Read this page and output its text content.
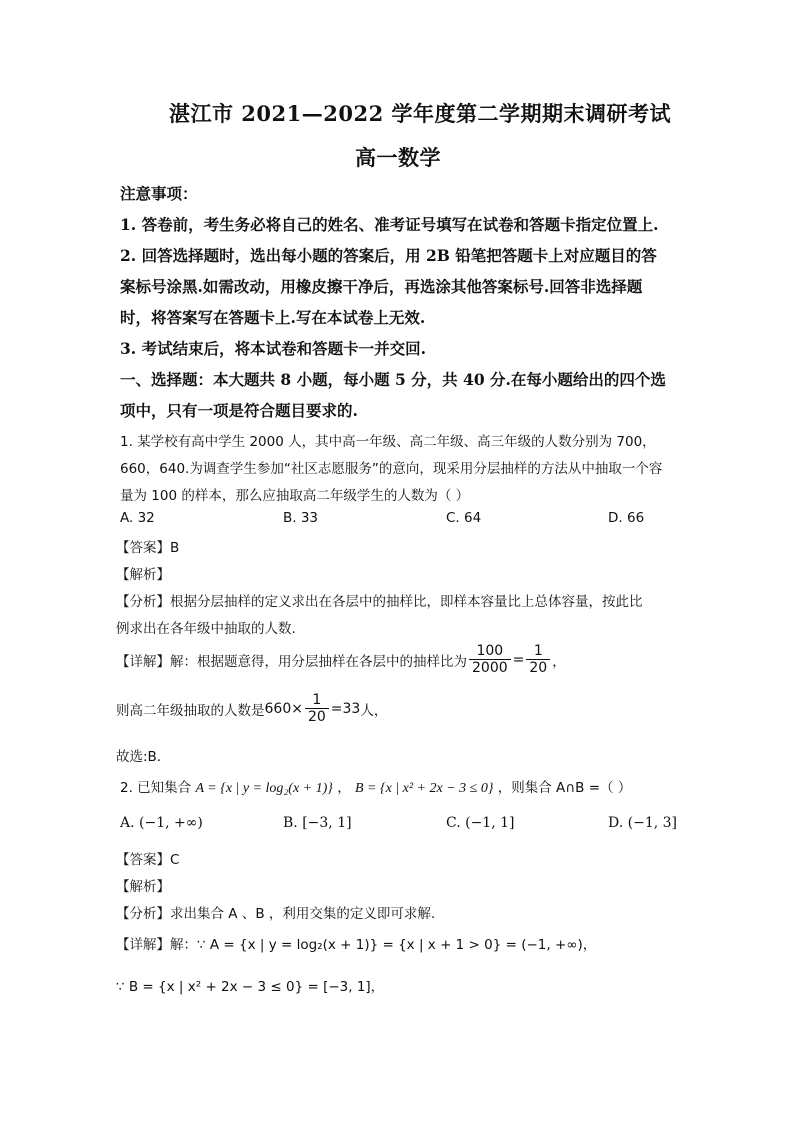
湛江市 2021—2022 学年度第二学期期末调研考试
高一数学
注意事项：
1. 答卷前，考生务必将自己的姓名、准考证号填写在试卷和答题卡指定位置上.
2. 回答选择题时，选出每小题的答案后，用 2B 铅笔把答题卡上对应题目的答
案标号涂黑.如需改动，用橡皮擦干净后，再选涂其他答案标号.回答非选择题
时，将答案写在答题卡上.写在本试卷上无效.
3. 考试结束后，将本试卷和答题卡一并交回.
一、选择题：本大题共 8 小题，每小题 5 分，共 40 分.在每小题给出的四个选
项中，只有一项是符合题目要求的.
1. 某学校有高中学生 2000 人，其中高一年级、高二年级、高三年级的人数分别为 700，
660，640.为调查学生参加“社区志愿服务”的意向，现采用分层抽样的方法从中抽取一个容
量为 100 的样本，那么应抽取高二年级学生的人数为（ ）
A. 32	B. 33	C. 64	D. 66
【答案】B
【解析】
【分析】根据分层抽样的定义求出在各层中的抽样比，即样本容量比上总体容量，按此比
例求出在各年级中抽取的人数.
【详解】解：根据题意得，用分层抽样在各层中的抽样比为 $\frac{100}{2000} = \frac{1}{20}$ ，
则高二年级抽取的人数是 $660\times \frac{1}{20} =33$ 人，
故选:B．
2. 已知集合 A = {x | y = log₂(x + 1)} ， B = {x | x² + 2x − 3 ≤ 0} ，则集合 A∩B =（ ）
A. (−1, +∞)	B. [−3, 1]	C. (−1, 1]	D. (−1, 3]
【答案】C
【解析】
【分析】求出集合 A 、B ，利用交集的定义即可求解.
【详解】解：∵ A = {x | y = log₂(x + 1)} = {x | x + 1 > 0} = (−1, +∞)，
∵ B = {x | x² + 2x − 3 ≤ 0} = [−3, 1]，
